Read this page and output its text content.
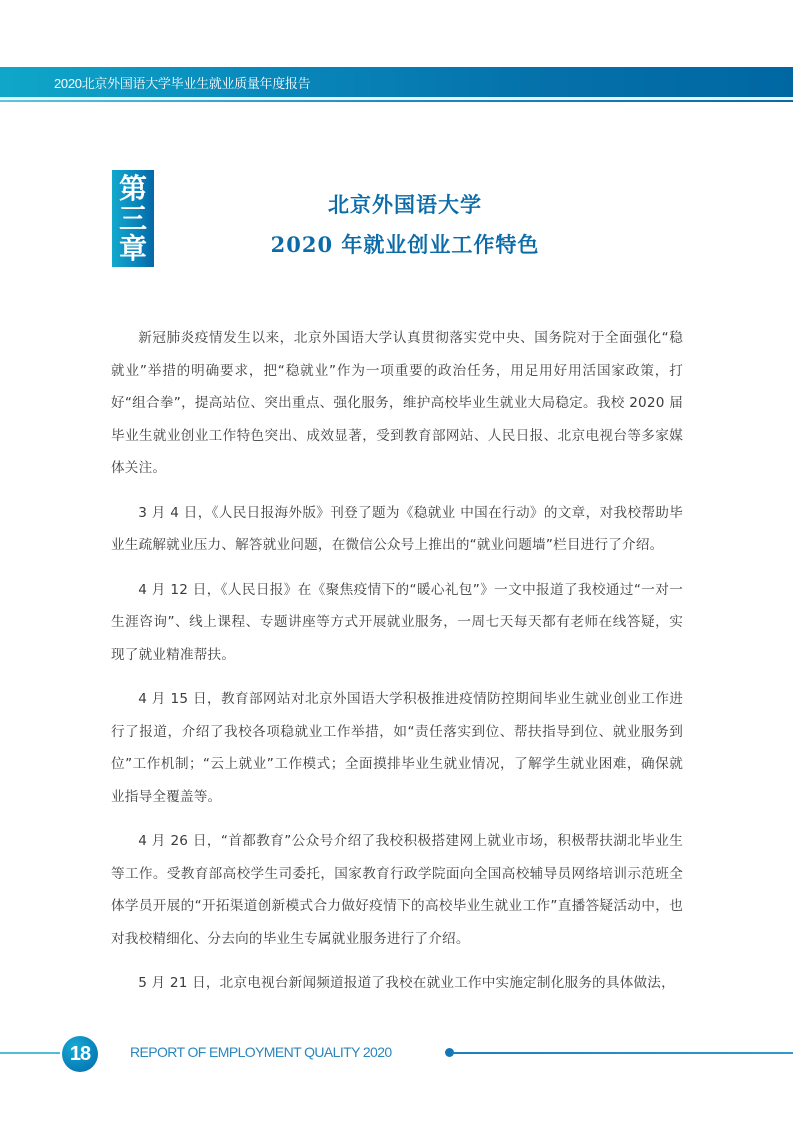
2020北京外国语大学毕业生就业质量年度报告
第
三
章
北京外国语大学
2020 年就业创业工作特色

新冠肺炎疫情发生以来，北京外国语大学认真贯彻落实党中央、国务院对于全面强化“稳就业”举措的明确要求，把“稳就业”作为一项重要的政治任务，用足用好用活国家政策，打好“组合拳”，提高站位、突出重点、强化服务，维护高校毕业生就业大局稳定。我校 2020 届毕业生就业创业工作特色突出、成效显著，受到教育部网站、人民日报、北京电视台等多家媒体关注。

3 月 4 日，《人民日报海外版》刊登了题为《稳就业 中国在行动》的文章，对我校帮助毕业生疏解就业压力、解答就业问题，在微信公众号上推出的“就业问题墙”栏目进行了介绍。

4 月 12 日，《人民日报》在《聚焦疫情下的“暖心礼包”》一文中报道了我校通过“一对一生涯咨询”、线上课程、专题讲座等方式开展就业服务，一周七天每天都有老师在线答疑，实现了就业精准帮扶。

4 月 15 日，教育部网站对北京外国语大学积极推进疫情防控期间毕业生就业创业工作进行了报道，介绍了我校各项稳就业工作举措，如“责任落实到位、帮扶指导到位、就业服务到位”工作机制；“云上就业”工作模式；全面摸排毕业生就业情况，了解学生就业困难，确保就业指导全覆盖等。

4 月 26 日，“首都教育”公众号介绍了我校积极搭建网上就业市场，积极帮扶湖北毕业生等工作。受教育部高校学生司委托，国家教育行政学院面向全国高校辅导员网络培训示范班全体学员开展的“开拓渠道创新模式合力做好疫情下的高校毕业生就业工作”直播答疑活动中，也对我校精细化、分去向的毕业生专属就业服务进行了介绍。

5 月 21 日，北京电视台新闻频道报道了我校在就业工作中实施定制化服务的具体做法，

18	REPORT OF EMPLOYMENT QUALITY 2020
